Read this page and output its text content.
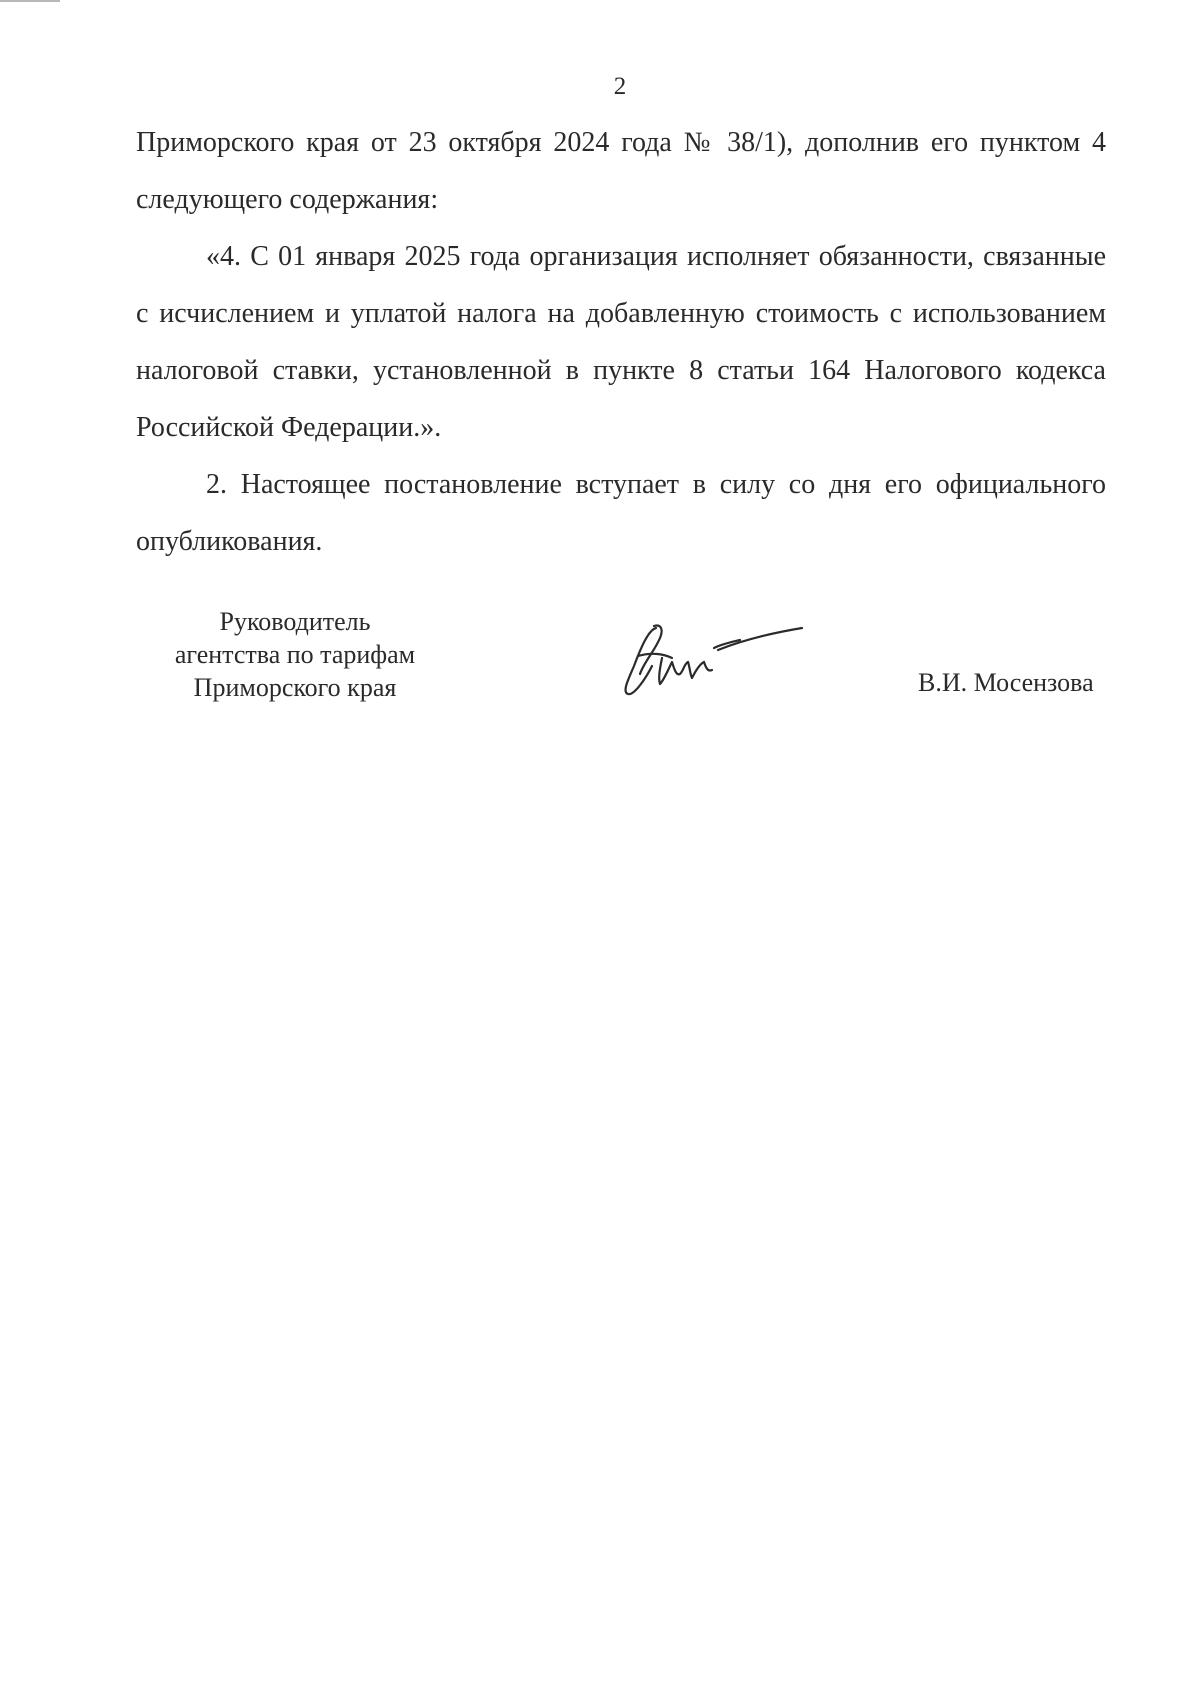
2

Приморского края от 23 октября 2024 года № 38/1), дополнив его пунктом 4

следующего содержания:

«4. С 01 января 2025 года организация исполняет обязанности, связанные

с исчислением и уплатой налога на добавленную стоимость с использованием

налоговой ставки, установленной в пункте 8 статьи 164 Налогового кодекса

Российской Федерации.».

2. Настоящее постановление вступает в силу со дня его официального

опубликования.

Руководитель
агентства по тарифам
Приморского края	В.И. Мосензова
